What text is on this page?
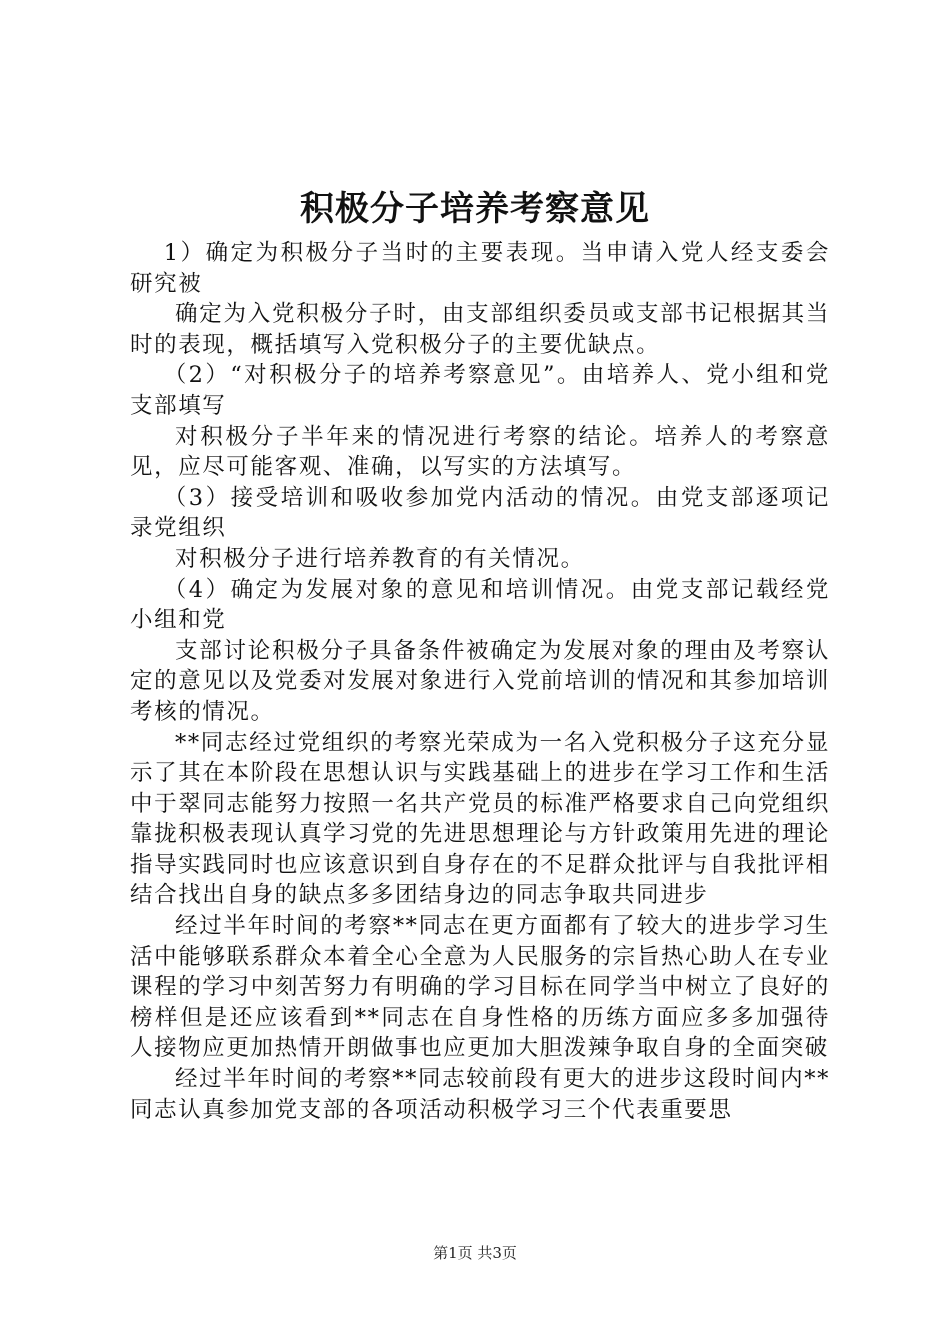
积极分子培养考察意见

1）确定为积极分子当时的主要表现。当申请入党人经支委会研究被

确定为入党积极分子时，由支部组织委员或支部书记根据其当时的表现，概括填写入党积极分子的主要优缺点。

（2）“对积极分子的培养考察意见”。由培养人、党小组和党支部填写

对积极分子半年来的情况进行考察的结论。培养人的考察意见，应尽可能客观、准确，以写实的方法填写。

（3）接受培训和吸收参加党内活动的情况。由党支部逐项记录党组织

对积极分子进行培养教育的有关情况。

（4）确定为发展对象的意见和培训情况。由党支部记载经党小组和党

支部讨论积极分子具备条件被确定为发展对象的理由及考察认定的意见以及党委对发展对象进行入党前培训的情况和其参加培训考核的情况。

**同志经过党组织的考察光荣成为一名入党积极分子这充分显示了其在本阶段在思想认识与实践基础上的进步在学习工作和生活中于翠同志能努力按照一名共产党员的标准严格要求自己向党组织靠拢积极表现认真学习党的先进思想理论与方针政策用先进的理论指导实践同时也应该意识到自身存在的不足群众批评与自我批评相结合找出自身的缺点多多团结身边的同志争取共同进步

经过半年时间的考察**同志在更方面都有了较大的进步学习生活中能够联系群众本着全心全意为人民服务的宗旨热心助人在专业课程的学习中刻苦努力有明确的学习目标在同学当中树立了良好的榜样但是还应该看到**同志在自身性格的历练方面应多多加强待人接物应更加热情开朗做事也应更加大胆泼辣争取自身的全面突破

经过半年时间的考察**同志较前段有更大的进步这段时间内**同志认真参加党支部的各项活动积极学习三个代表重要思

第1页 共3页
